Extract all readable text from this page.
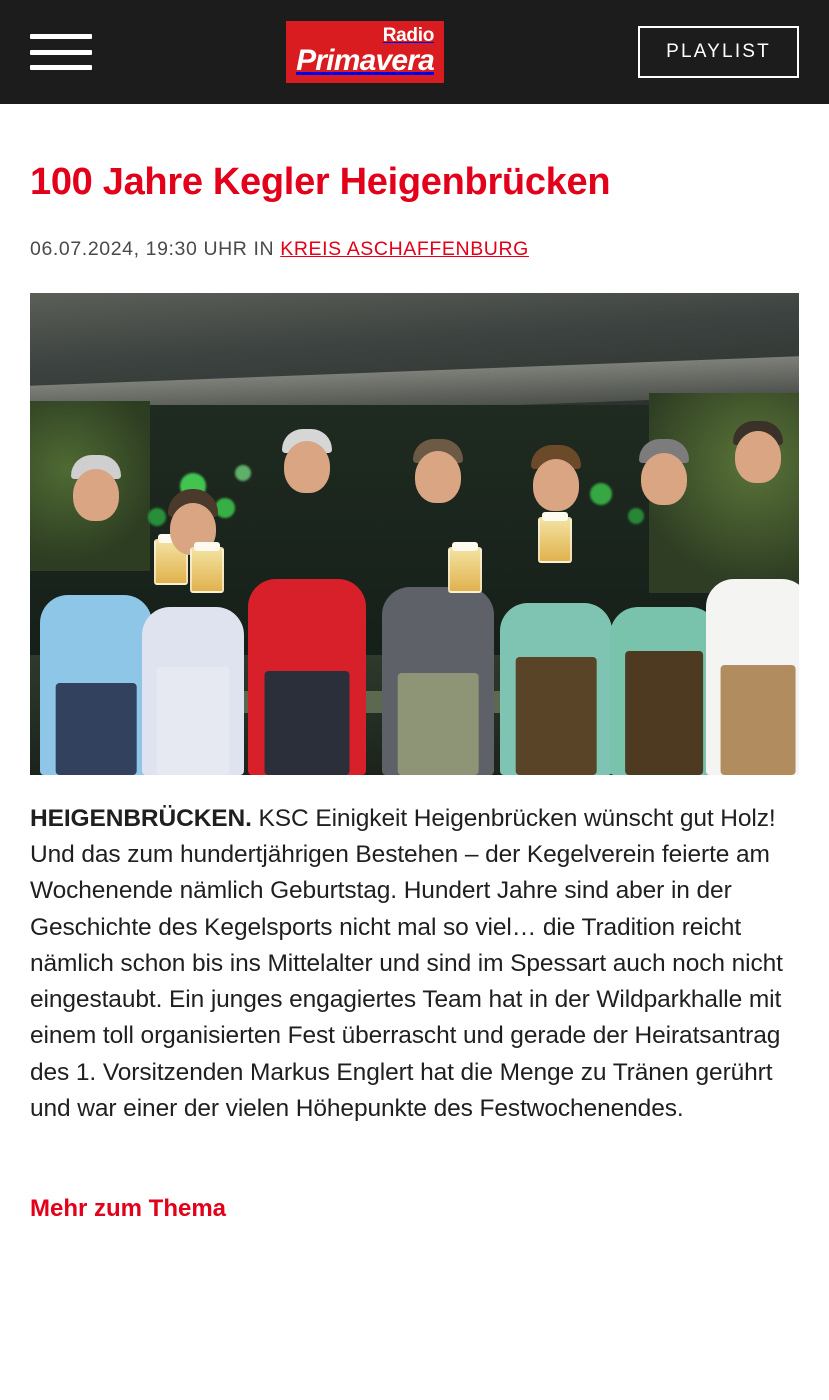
Radio
Primavera	PLAYLIST
100 Jahre Kegler Heigenbrücken
06.07.2024, 19:30 UHR IN KREIS ASCHAFFENBURG

HEIGENBRÜCKEN. KSC Einigkeit Heigenbrücken wünscht gut Holz! Und das zum hundertjährigen Bestehen – der Kegelverein feierte am Wochenende nämlich Geburtstag. Hundert Jahre sind aber in der Geschichte des Kegelsports nicht mal so viel… die Tradition reicht nämlich schon bis ins Mittelalter und sind im Spessart auch noch nicht eingestaubt. Ein junges engagiertes Team hat in der Wildparkhalle mit einem toll organisierten Fest überrascht und gerade der Heiratsantrag des 1. Vorsitzenden Markus Englert hat die Menge zu Tränen gerührt und war einer der vielen Höhepunkte des Festwochenendes.

Mehr zum Thema
